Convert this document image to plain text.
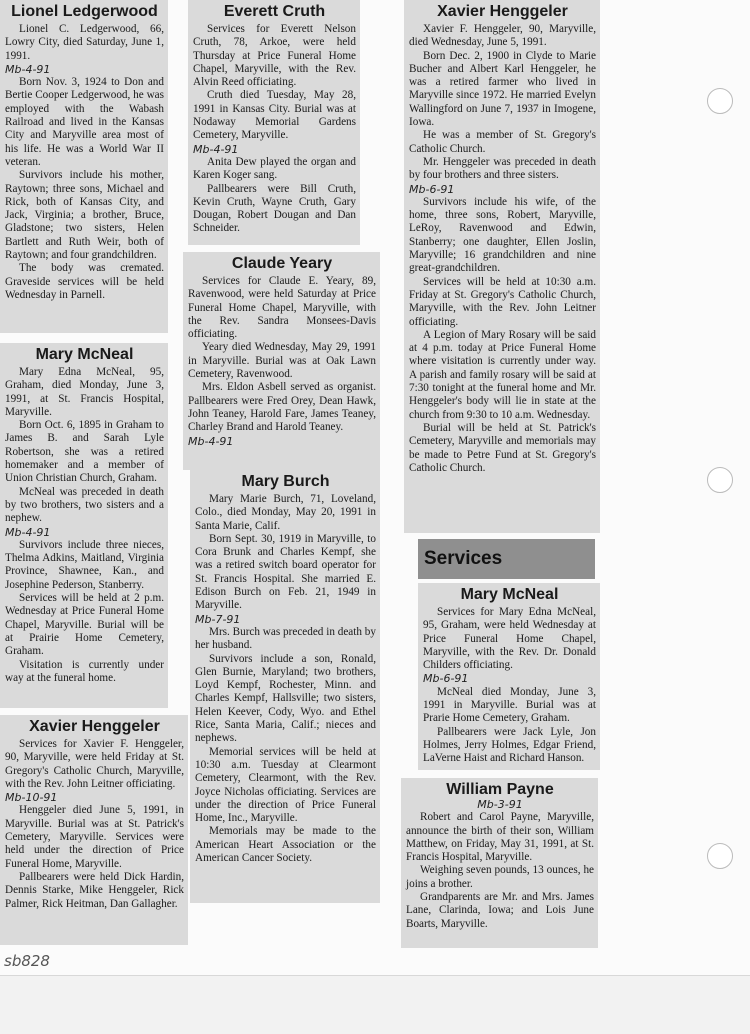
Lionel Ledgerwood

Lionel C. Ledgerwood, 66, Lowry City, died Saturday, June 1, 1991.

Mb-4-91

Born Nov. 3, 1924 to Don and Bertie Cooper Ledgerwood, he was employed with the Wabash Railroad and lived in the Kansas City and Maryville area most of his life. He was a World War II veteran.

Survivors include his mother, Raytown; three sons, Michael and Rick, both of Kansas City, and Jack, Virginia; a brother, Bruce, Gladstone; two sisters, Helen Bartlett and Ruth Weir, both of Raytown; and four grandchildren.

The body was cremated. Graveside services will be held Wednesday in Parnell.

Mary McNeal

Mary Edna McNeal, 95, Graham, died Monday, June 3, 1991, at St. Francis Hospital, Maryville.

Born Oct. 6, 1895 in Graham to James B. and Sarah Lyle Robertson, she was a retired homemaker and a member of Union Christian Church, Graham.

McNeal was preceded in death by two brothers, two sisters and a nephew.

Mb-4-91

Survivors include three nieces, Thelma Adkins, Maitland, Virginia Province, Shawnee, Kan., and Josephine Pederson, Stanberry.

Services will be held at 2 p.m. Wednesday at Price Funeral Home Chapel, Maryville. Burial will be at Prairie Home Cemetery, Graham.

Visitation is currently under way at the funeral home.

Xavier Henggeler

Services for Xavier F. Henggeler, 90, Maryville, were held Friday at St. Gregory's Catholic Church, Maryville, with the Rev. John Leitner officiating.

Mb-10-91

Henggeler died June 5, 1991, in Maryville. Burial was at St. Patrick's Cemetery, Maryville. Services were held under the direction of Price Funeral Home, Maryville.

Pallbearers were held Dick Hardin, Dennis Starke, Mike Henggeler, Rick Palmer, Rick Heitman, Dan Gallagher.

Everett Cruth

Services for Everett Nelson Cruth, 78, Arkoe, were held Thursday at Price Funeral Home Chapel, Maryville, with the Rev. Alvin Reed officiating.

Cruth died Tuesday, May 28, 1991 in Kansas City. Burial was at Nodaway Memorial Gardens Cemetery, Maryville.

Mb-4-91

Anita Dew played the organ and Karen Koger sang.

Pallbearers were Bill Cruth, Kevin Cruth, Wayne Cruth, Gary Dougan, Robert Dougan and Dan Schneider.

Claude Yeary

Services for Claude E. Yeary, 89, Ravenwood, were held Saturday at Price Funeral Home Chapel, Maryville, with the Rev. Sandra Monsees-Davis officiating.

Yeary died Wednesday, May 29, 1991 in Maryville. Burial was at Oak Lawn Cemetery, Ravenwood.

Mrs. Eldon Asbell served as organist. Pallbearers were Fred Orey, Dean Hawk, John Teaney, Harold Fare, James Teaney, Charley Brand and Harold Teaney.

Mb-4-91
Mary Burch

Mary Marie Burch, 71, Loveland, Colo., died Monday, May 20, 1991 in Santa Marie, Calif.

Born Sept. 30, 1919 in Maryville, to Cora Brunk and Charles Kempf, she was a retired switch board operator for St. Francis Hospital. She married E. Edison Burch on Feb. 21, 1949 in Maryville.

Mb-7-91

Mrs. Burch was preceded in death by her husband.

Survivors include a son, Ronald, Glen Burnie, Maryland; two brothers, Loyd Kempf, Rochester, Minn. and Charles Kempf, Hallsville; two sisters, Helen Keever, Cody, Wyo. and Ethel Rice, Santa Maria, Calif.; nieces and nephews.

Memorial services will be held at 10:30 a.m. Tuesday at Clearmont Cemetery, Clearmont, with the Rev. Joyce Nicholas officiating. Services are under the direction of Price Funeral Home, Inc., Maryville.

Memorials may be made to the American Heart Association or the American Cancer Society.

Xavier Henggeler

Xavier F. Henggeler, 90, Maryville, died Wednesday, June 5, 1991.

Born Dec. 2, 1900 in Clyde to Marie Bucher and Albert Karl Henggeler, he was a retired farmer who lived in Maryville since 1972. He married Evelyn Wallingford on June 7, 1937 in Imogene, Iowa.

He was a member of St. Gregory's Catholic Church.

Mr. Henggeler was preceded in death by four brothers and three sisters.

Mb-6-91

Survivors include his wife, of the home, three sons, Robert, Maryville, LeRoy, Ravenwood and Edwin, Stanberry; one daughter, Ellen Joslin, Maryville; 16 grandchildren and nine great-grandchildren.

Services will be held at 10:30 a.m. Friday at St. Gregory's Catholic Church, Maryville, with the Rev. John Leitner officiating.

A Legion of Mary Rosary will be said at 4 p.m. today at Price Funeral Home where visitation is currently under way. A parish and family rosary will be said at 7:30 tonight at the funeral home and Mr. Henggeler's body will lie in state at the church from 9:30 to 10 a.m. Wednesday.

Burial will be held at St. Patrick's Cemetery, Maryville and memorials may be made to Petre Fund at St. Gregory's Catholic Church.

Services
Mary McNeal

Services for Mary Edna McNeal, 95, Graham, were held Wednesday at Price Funeral Home Chapel, Maryville, with the Rev. Dr. Donald Childers officiating.

Mb-6-91

McNeal died Monday, June 3, 1991 in Maryville. Burial was at Prarie Home Cemetery, Graham.

Pallbearers were Jack Lyle, Jon Holmes, Jerry Holmes, Edgar Friend, LaVerne Haist and Richard Hanson.

William Payne
Mb-3-91

Robert and Carol Payne, Maryville, announce the birth of their son, William Matthew, on Friday, May 31, 1991, at St. Francis Hospital, Maryville.

Weighing seven pounds, 13 ounces, he joins a brother.

Grandparents are Mr. and Mrs. James Lane, Clarinda, Iowa; and Lois June Boarts, Maryville.

sb828
